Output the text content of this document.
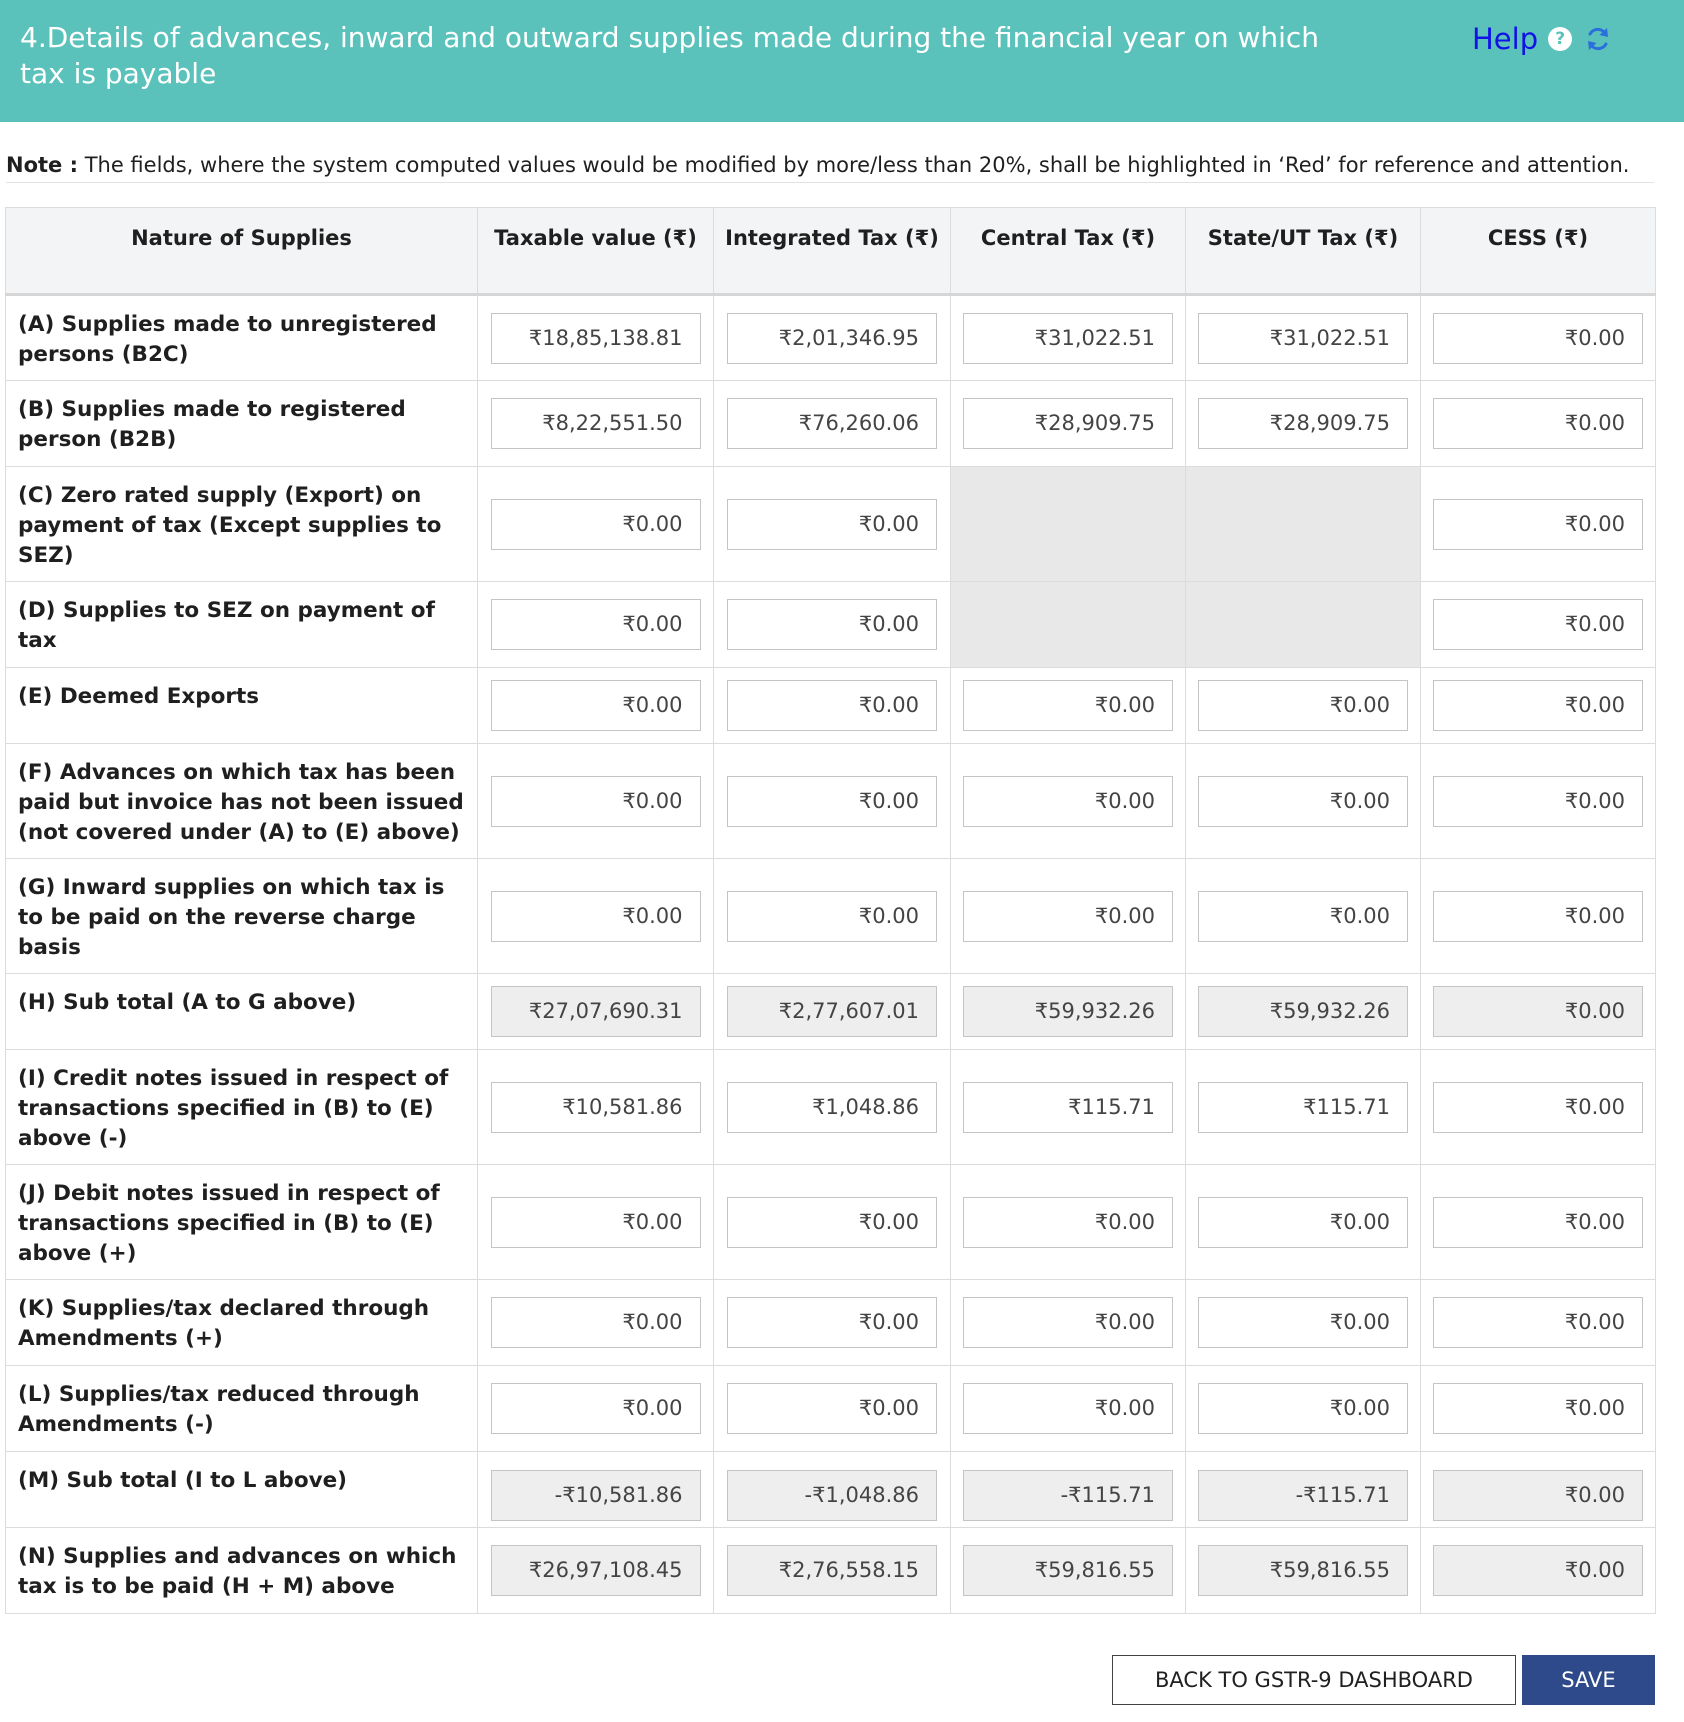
4.Details of advances, inward and outward supplies made during the financial year on which tax is payable
Help	?
Note : The fields, where the system computed values would be modified by more/less than 20%, shall be highlighted in ‘Red’ for reference and attention.
Nature of Supplies	Taxable value (₹)	Integrated Tax (₹)	Central Tax (₹)	State/UT Tax (₹)	CESS (₹)
(A) Supplies made to unregistered persons (B2C)	₹18,85,138.81	₹2,01,346.95	₹31,022.51	₹31,022.51	₹0.00

(B) Supplies made to registered person (B2B)	₹8,22,551.50	₹76,260.06	₹28,909.75	₹28,909.75	₹0.00

(C) Zero rated supply (Export) on payment of tax (Except supplies to SEZ)	₹0.00	₹0.00			₹0.00

(D) Supplies to SEZ on payment of tax	₹0.00	₹0.00			₹0.00

(E) Deemed Exports	₹0.00	₹0.00	₹0.00	₹0.00	₹0.00

(F) Advances on which tax has been paid but invoice has not been issued (not covered under (A) to (E) above)	₹0.00	₹0.00	₹0.00	₹0.00	₹0.00

(G) Inward supplies on which tax is to be paid on the reverse charge basis	₹0.00	₹0.00	₹0.00	₹0.00	₹0.00

(H) Sub total (A to G above)	₹27,07,690.31	₹2,77,607.01	₹59,932.26	₹59,932.26	₹0.00

(I) Credit notes issued in respect of transactions specified in (B) to (E) above (-)	₹10,581.86	₹1,048.86	₹115.71	₹115.71	₹0.00

(J) Debit notes issued in respect of transactions specified in (B) to (E) above (+)	₹0.00	₹0.00	₹0.00	₹0.00	₹0.00

(K) Supplies/tax declared through Amendments (+)	₹0.00	₹0.00	₹0.00	₹0.00	₹0.00

(L) Supplies/tax reduced through Amendments (-)	₹0.00	₹0.00	₹0.00	₹0.00	₹0.00

(M) Sub total (I to L above)	-₹10,581.86	-₹1,048.86	-₹115.71	-₹115.71	₹0.00

(N) Supplies and advances on which tax is to be paid (H + M) above	₹26,97,108.45	₹2,76,558.15	₹59,816.55	₹59,816.55	₹0.00
BACK TO GSTR-9 DASHBOARD	SAVE
